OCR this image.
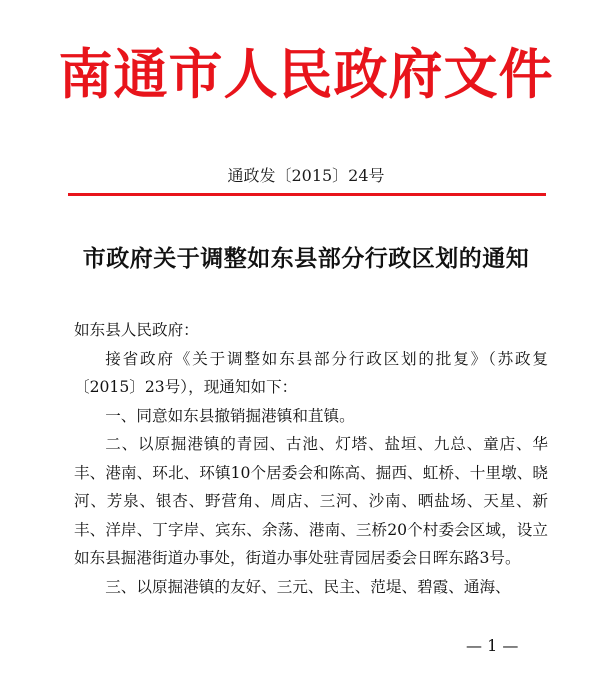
南通市人民政府文件
通政发〔2015〕24号
市政府关于调整如东县部分行政区划的通知

如东县人民政府：

接省政府《关于调整如东县部分行政区划的批复》（苏政复〔2015〕23号），现通知如下：

一、同意如东县撤销掘港镇和苴镇。

二、以原掘港镇的青园、古池、灯塔、盐垣、九总、童店、华丰、港南、环北、环镇10个居委会和陈高、掘西、虹桥、十里墩、晓河、芳泉、银杏、野营角、周店、三河、沙南、晒盐场、天星、新丰、洋岸、丁字岸、宾东、余荡、港南、三桥20个村委会区域，设立如东县掘港街道办事处，街道办事处驻青园居委会日晖东路3号。

三、以原掘港镇的友好、三元、民主、范堤、碧霞、通海、

— 1 —
